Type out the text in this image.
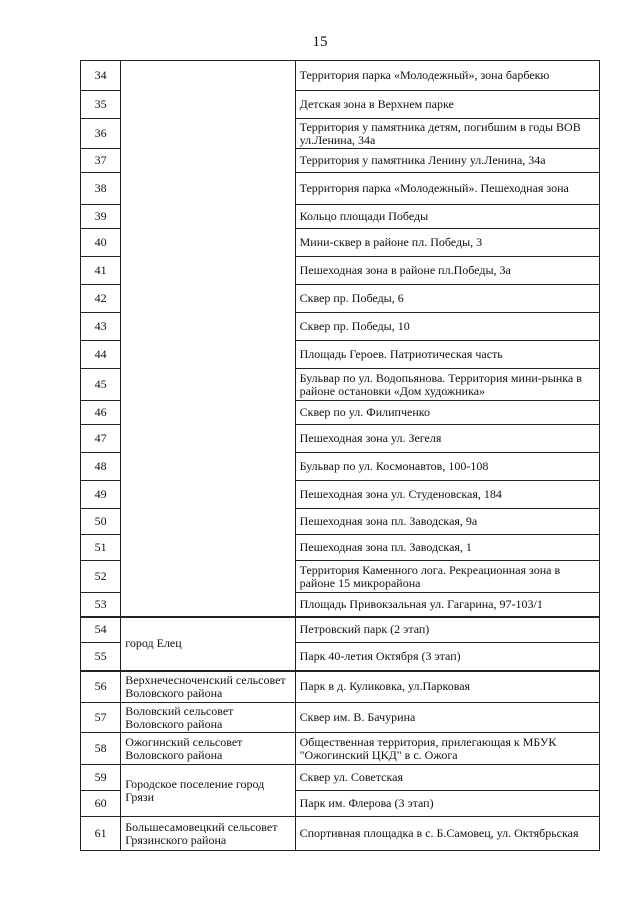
15
34		Территория парка «Молодежный», зона барбекю
35		Детская зона в Верхнем парке
36		Территория у памятника детям, погибшим в годы ВОВ ул.Ленина, 34а
37		Территория у памятника Ленину ул.Ленина, 34а
38		Территория парка «Молодежный». Пешеходная зона
39		Кольцо площади Победы
40		Мини-сквер в районе пл. Победы, 3
41		Пешеходная зона в районе пл.Победы, 3а
42		Сквер пр. Победы, 6
43		Сквер пр. Победы, 10
44		Площадь Героев. Патриотическая часть
45		Бульвар по ул. Водопьянова. Территория мини-рынка в районе остановки «Дом художника»
46		Сквер по ул. Филипченко
47		Пешеходная зона ул. Зегеля
48		Бульвар по ул. Космонавтов, 100-108
49		Пешеходная зона ул. Студеновская, 184
50		Пешеходная зона пл. Заводская, 9а
51		Пешеходная зона пл. Заводская, 1
52		Территория Каменного лога. Рекреационная зона в районе 15 микрорайона
53		Площадь Привокзальная ул. Гагарина, 97-103/1
54	город Елец	Петровский парк (2 этап)
55		Парк 40-летия Октября (3 этап)
56	Верхнечесноченский сельсовет Воловского района	Парк в д. Куликовка, ул.Парковая
57	Воловский сельсовет Воловского района	Сквер им. В. Бачурина
58	Ожогинский сельсовет Воловского района	Общественная территория, прилегающая к МБУК "Ожогинский ЦКД" в с. Ожога
59	Городское поселение город Грязи	Сквер ул. Советская
60		Парк им. Флерова (3 этап)
61	Большесамовецкий сельсовет Грязинского района	Спортивная площадка в с. Б.Самовец, ул. Октябрьская
